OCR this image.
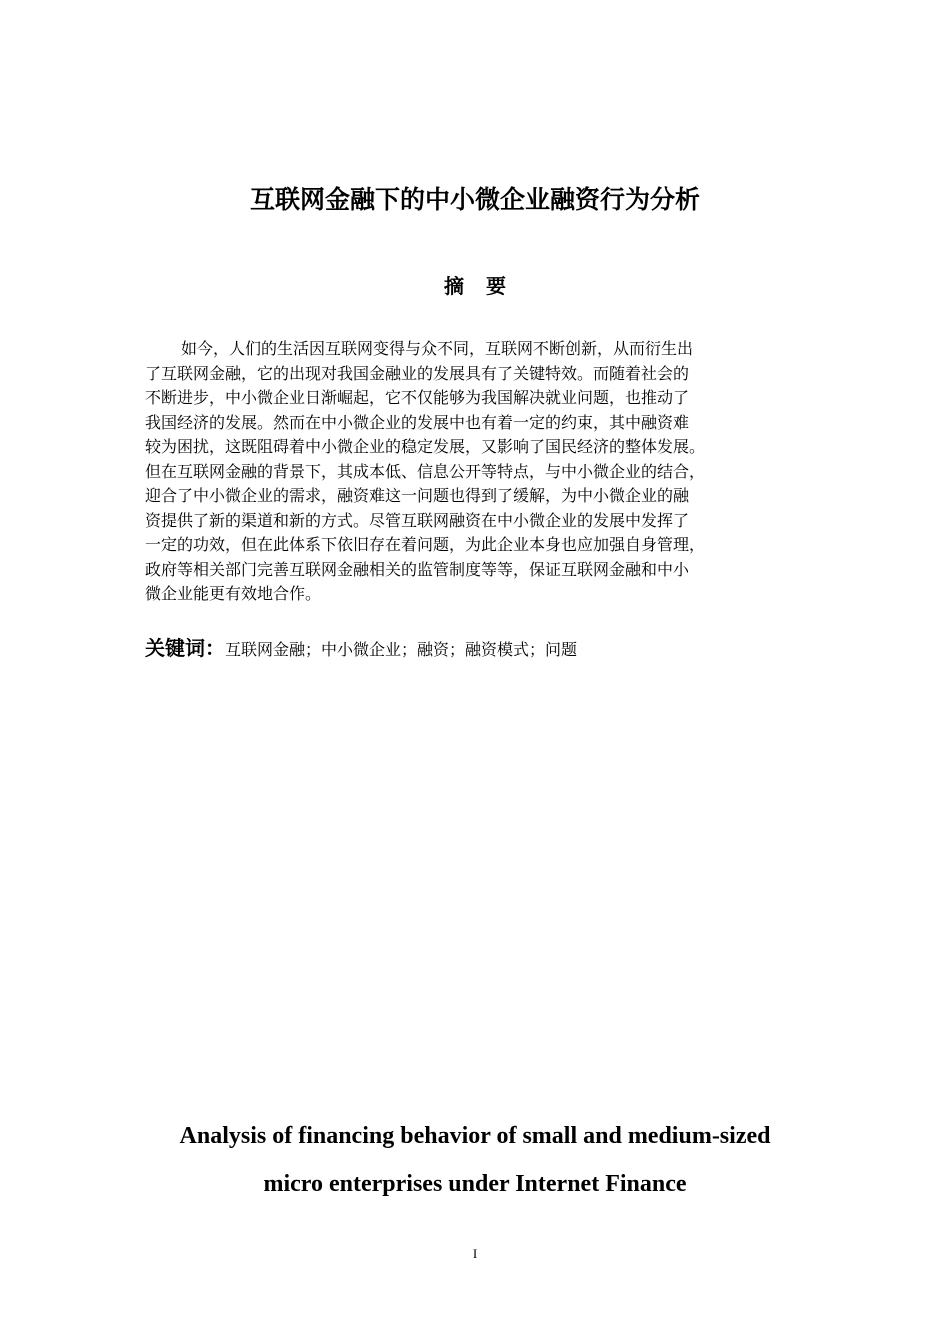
互联网金融下的中小微企业融资行为分析
摘 要
如今，人们的生活因互联网变得与众不同，互联网不断创新，从而衍生出
了互联网金融，它的出现对我国金融业的发展具有了关键特效。而随着社会的
不断进步，中小微企业日渐崛起，它不仅能够为我国解决就业问题，也推动了
我国经济的发展。然而在中小微企业的发展中也有着一定的约束，其中融资难
较为困扰，这既阻碍着中小微企业的稳定发展，又影响了国民经济的整体发展。
但在互联网金融的背景下，其成本低、信息公开等特点，与中小微企业的结合，
迎合了中小微企业的需求，融资难这一问题也得到了缓解，为中小微企业的融
资提供了新的渠道和新的方式。尽管互联网融资在中小微企业的发展中发挥了
一定的功效，但在此体系下依旧存在着问题，为此企业本身也应加强自身管理，
政府等相关部门完善互联网金融相关的监管制度等等，保证互联网金融和中小
微企业能更有效地合作。
关键词：互联网金融；中小微企业；融资；融资模式；问题
Analysis of financing behavior of small and medium-sized
micro enterprises under Internet Finance
I
